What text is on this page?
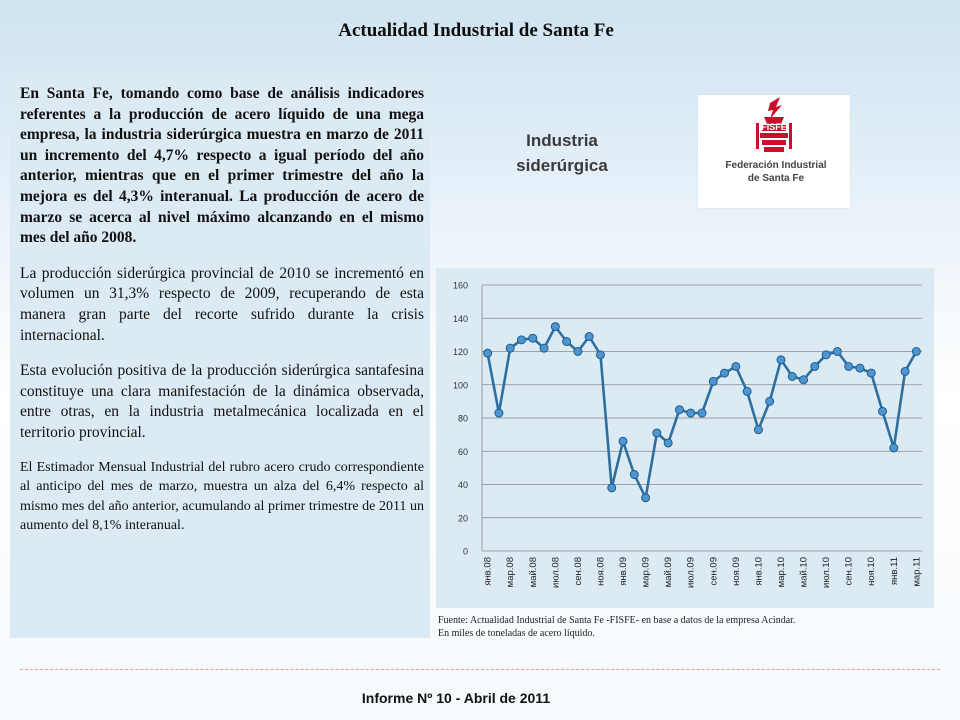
Actualidad Industrial de Santa Fe

En Santa Fe, tomando como base de análisis indicadores referentes a la producción de acero líquido de una mega empresa, la industria siderúrgica muestra en marzo de 2011 un incremento del 4,7% respecto a igual período del año anterior, mientras que en el primer trimestre del año la mejora es del 4,3% interanual. La producción de acero de marzo se acerca al nivel máximo alcanzando en el mismo mes del año 2008.

La producción siderúrgica provincial de 2010 se incrementó en volumen un 31,3% respecto de 2009, recuperando de esta manera gran parte del recorte sufrido durante la crisis internacional.

Esta evolución positiva de la producción siderúrgica santafesina constituye una clara manifestación de la dinámica observada, entre otras, en la industria metalmecánica localizada en el territorio provincial.

El Estimador Mensual Industrial del rubro acero crudo correspondiente al anticipo del mes de marzo, muestra un alza del 6,4% respecto al mismo mes del año anterior, acumulando al primer trimestre de 2011 un aumento del 8,1% interanual.

Industria
siderúrgica
FISFE
Federación Industrial
de Santa Fe
0
20
40
60
80
100
120
140
160
янв.08 мар.08 май.08 июл.08 сен.08 ноя.08 янв.09 мар.09 май.09 июл.09 сен.09 ноя.09 янв.10 мар.10 май.10 июл.10 сен.10 ноя.10 янв.11 мар.11
Fuente: Actualidad Industrial de Santa Fe -FISFE- en base a datos de la empresa Acindar.
En miles de toneladas de acero líquido.
Informe Nº 10 - Abril de 2011
